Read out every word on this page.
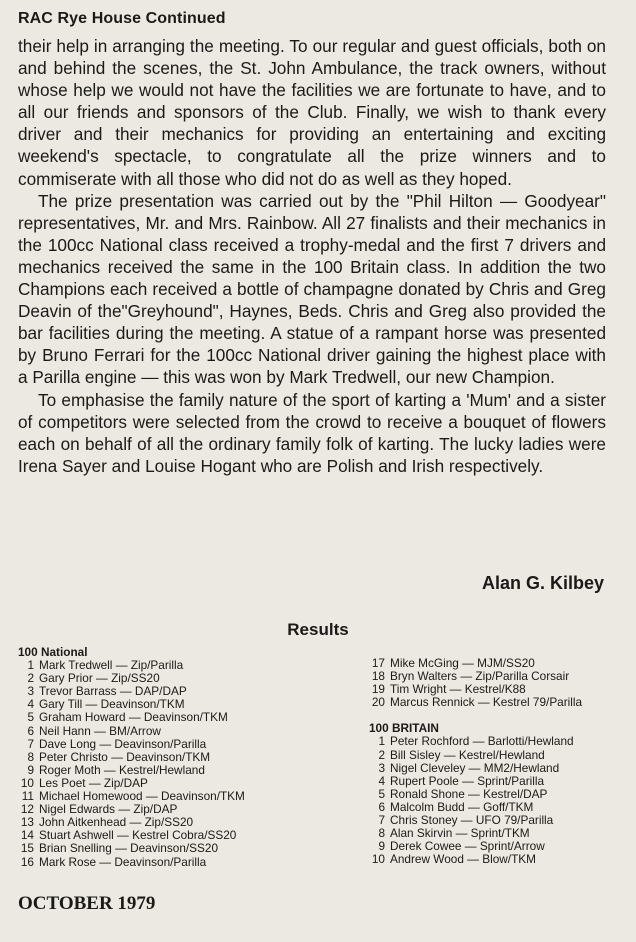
RAC Rye House Continued

their help in arranging the meeting. To our regular and guest officials, both on and behind the scenes, the St. John Ambulance, the track owners, without whose help we would not have the facilities we are fortunate to have, and to all our friends and sponsors of the Club. Finally, we wish to thank every driver and their mechanics for providing an entertaining and exciting weekend's spectacle, to congratulate all the prize winners and to commiserate with all those who did not do as well as they hoped.

The prize presentation was carried out by the "Phil Hilton — Goodyear" representatives, Mr. and Mrs. Rainbow. All 27 finalists and their mechanics in the 100cc National class received a trophy-medal and the first 7 drivers and mechanics received the same in the 100 Britain class. In addition the two Champions each received a bottle of champagne donated by Chris and Greg Deavin of the"Greyhound", Haynes, Beds. Chris and Greg also provided the bar facilities during the meeting. A statue of a rampant horse was presented by Bruno Ferrari for the 100cc National driver gaining the highest place with a Parilla engine — this was won by Mark Tredwell, our new Champion.

To emphasise the family nature of the sport of karting a 'Mum' and a sister of competitors were selected from the crowd to receive a bouquet of flowers each on behalf of all the ordinary family folk of karting. The lucky ladies were Irena Sayer and Louise Hogant who are Polish and Irish respectively.

Alan G. Kilbey
Results
100 National
1 Mark Tredwell — Zip/Parilla
2 Gary Prior — Zip/SS20
3 Trevor Barrass — DAP/DAP
4 Gary Till — Deavinson/TKM
5 Graham Howard — Deavinson/TKM
6 Neil Hann — BM/Arrow
7 Dave Long — Deavinson/Parilla
8 Peter Christo — Deavinson/TKM
9 Roger Moth — Kestrel/Hewland
10 Les Poet — Zip/DAP
11 Michael Homewood — Deavinson/TKM
12 Nigel Edwards — Zip/DAP
13 John Aitkenhead — Zip/SS20
14 Stuart Ashwell — Kestrel Cobra/SS20
15 Brian Snelling — Deavinson/SS20
16 Mark Rose — Deavinson/Parilla
17 Mike McGing — MJM/SS20
18 Bryn Walters — Zip/Parilla Corsair
19 Tim Wright — Kestrel/K88
20 Marcus Rennick — Kestrel 79/Parilla
100 BRITAIN
1 Peter Rochford — Barlotti/Hewland
2 Bill Sisley — Kestrel/Hewland
3 Nigel Cleveley — MM2/Hewland
4 Rupert Poole — Sprint/Parilla
5 Ronald Shone — Kestrel/DAP
6 Malcolm Budd — Goff/TKM
7 Chris Stoney — UFO 79/Parilla
8 Alan Skirvin — Sprint/TKM
9 Derek Cowee — Sprint/Arrow
10 Andrew Wood — Blow/TKM
OCTOBER 1979
